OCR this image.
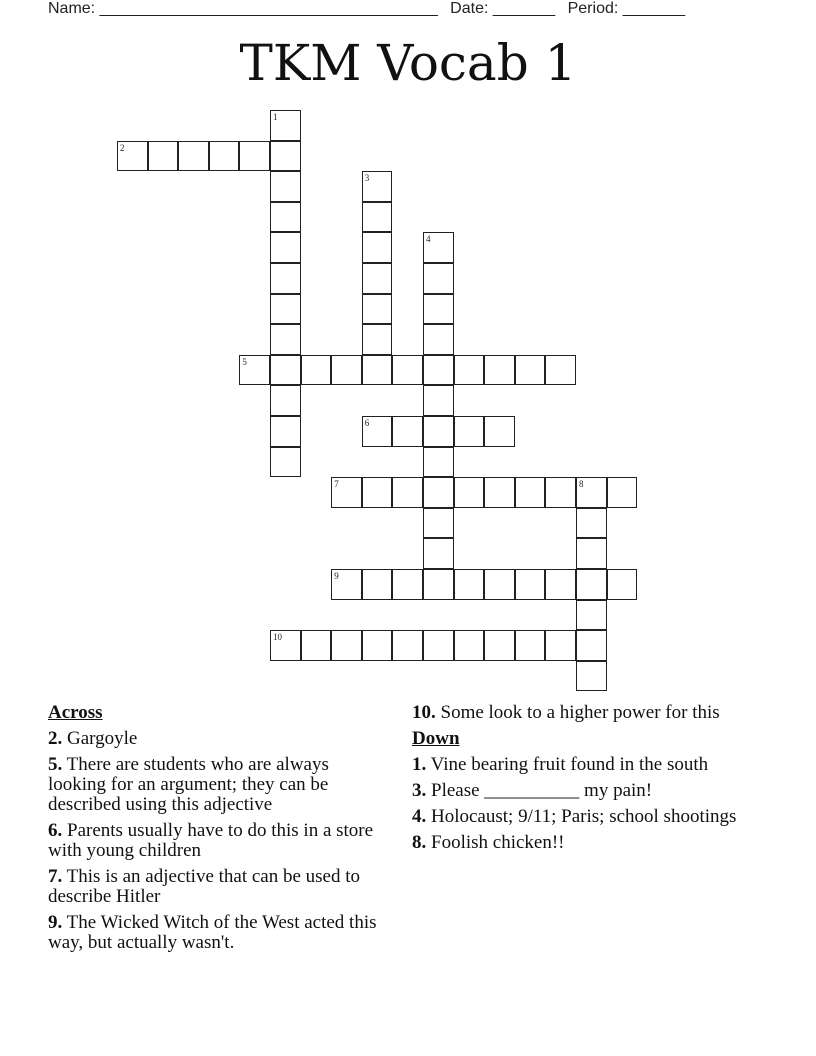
Name: ______________________________________ Date: _______ Period: _______
TKM Vocab 1
1
2
3
4
5
6
7	8
9
10
Across
2. Gargoyle
5. There are students who are always looking for an argument; they can be described using this adjective
6. Parents usually have to do this in a store with young children
7. This is an adjective that can be used to describe Hitler
9. The Wicked Witch of the West acted this way, but actually wasn't.
10. Some look to a higher power for this
Down
1. Vine bearing fruit found in the south
3. Please __________ my pain!
4. Holocaust; 9/11; Paris; school shootings
8. Foolish chicken!!
